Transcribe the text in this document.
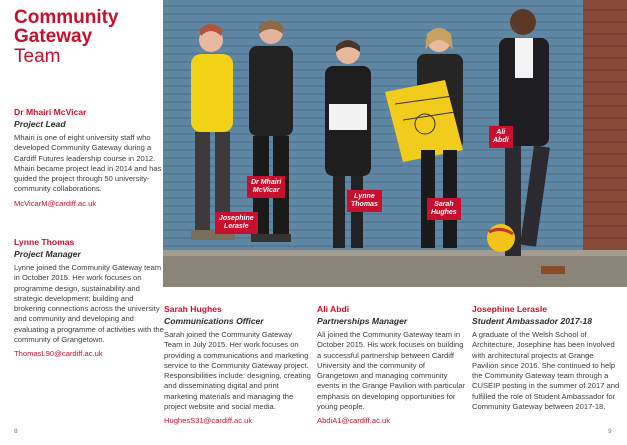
Community
Gateway
Team
Dr Mhairi McVicar
Project Lead
Mhairi is one of eight university staff who developed Community Gateway during a Cardiff Futures leadership course in 2012. Mhairi became project lead in 2014 and has guided the project through 50 university-community collaborations.
McVicarM@cardiff.ac.uk
Lynne Thomas
Project Manager
Lynne joined the Community Gateway team in October 2015. Her work focuses on programme design, sustainability and strategic development; building and brokering connections across the university and community and developing and evaluating a programme of activities with the community of Grangetown.
ThomasL90@cardiff.ac.uk
Josephine
Lerasle
Dr Mhairi
McVicar
Lynne
Thomas	Sarah
Hughes
Ali
Abdi
Sarah Hughes
Communications Officer
Sarah joined the Community Gateway Team in July 2015. Her work focuses on providing a communications and marketing service to the Community Gateway project. Responsibilities include: designing, creating and disseminating digital and print marketing materials and managing the project website and social media.
HughesS31@cardiff.ac.uk
Ali Abdi
Partnerships Manager
Ali joined the Community Gateway team in October 2015. His work focuses on building a successful partnership between Cardiff University and the community of Grangetown and managing community events in the Grange Pavilion with particular emphasis on developing opportunities for young people.
AbdiA1@cardiff.ac.uk
Josephine Lerasle
Student Ambassador 2017-18
A graduate of the Welsh School of Architecture, Josephine has been involved with architectural projects at Grange Pavilion since 2016. She continued to help the Community Gateway team through a CUSEIP posting in the summer of 2017 and fulfilled the role of Student Ambassador for Community Gateway between 2017-18.
8	9
